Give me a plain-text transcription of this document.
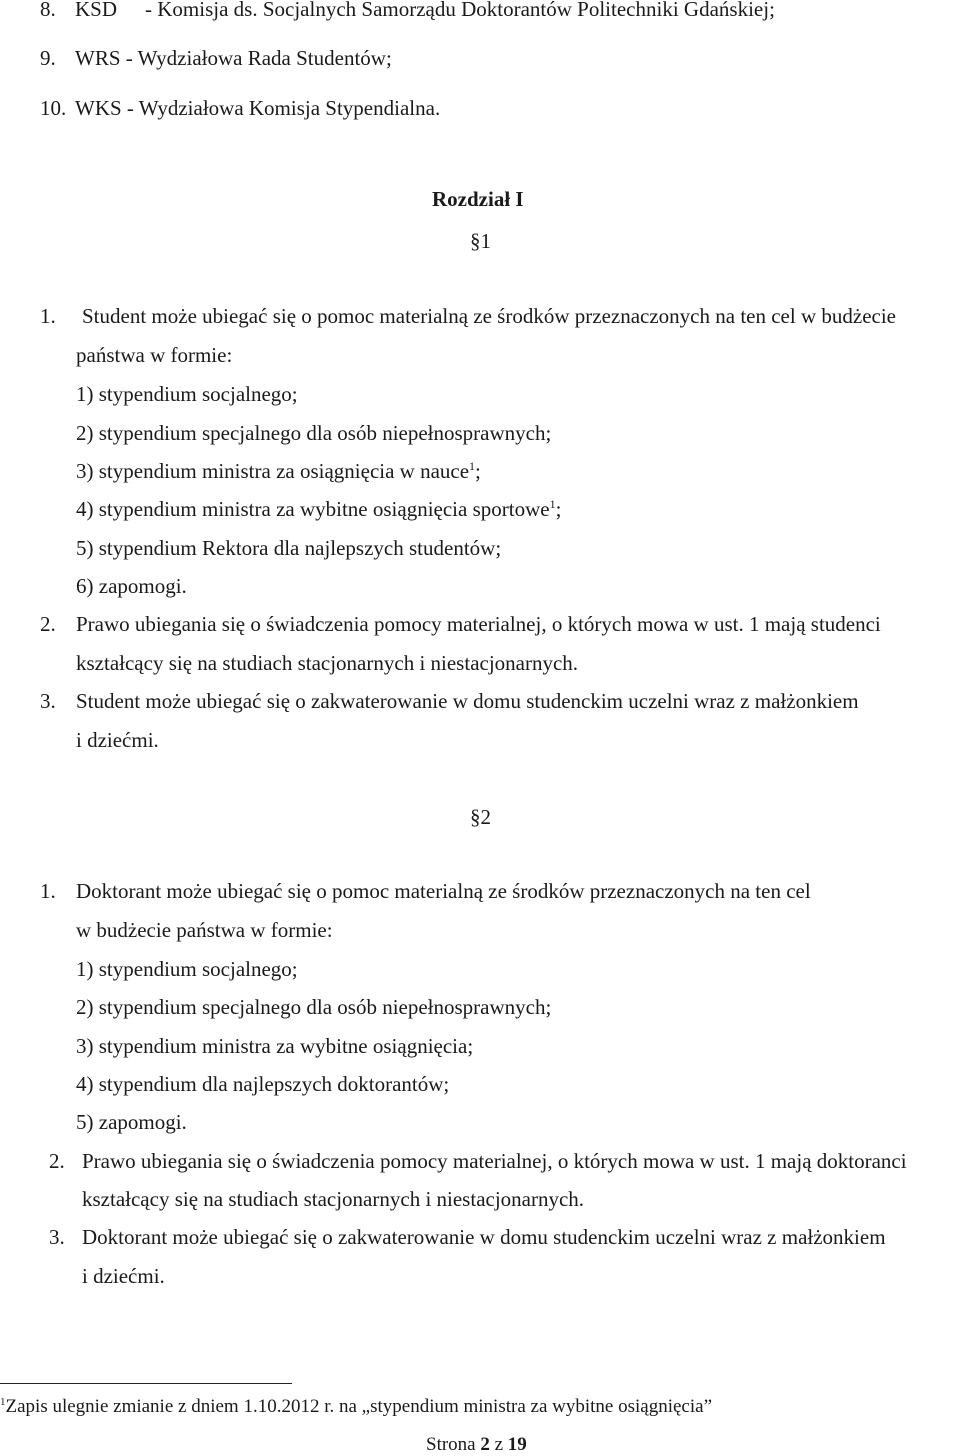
8. KSD - Komisja ds. Socjalnych Samorządu Doktorantów Politechniki Gdańskiej;
9. WRS - Wydziałowa Rada Studentów;
10. WKS - Wydziałowa Komisja Stypendialna.
Rozdział I
§1
1. Student może ubiegać się o pomoc materialną ze środków przeznaczonych na ten cel w budżecie
państwa w formie:
1) stypendium socjalnego;
2) stypendium specjalnego dla osób niepełnosprawnych;
3) stypendium ministra za osiągnięcia w nauce$^1$;
4) stypendium ministra za wybitne osiągnięcia sportowe$^1$;
5) stypendium Rektora dla najlepszych studentów;
6) zapomogi.
2. Prawo ubiegania się o świadczenia pomocy materialnej, o których mowa w ust. 1 mają studenci
kształcący się na studiach stacjonarnych i niestacjonarnych.
3. Student może ubiegać się o zakwaterowanie w domu studenckim uczelni wraz z małżonkiem
i dziećmi.
§2
1. Doktorant może ubiegać się o pomoc materialną ze środków przeznaczonych na ten cel
w budżecie państwa w formie:
1) stypendium socjalnego;
2) stypendium specjalnego dla osób niepełnosprawnych;
3) stypendium ministra za wybitne osiągnięcia;
4) stypendium dla najlepszych doktorantów;
5) zapomogi.
2. Prawo ubiegania się o świadczenia pomocy materialnej, o których mowa w ust. 1 mają doktoranci
kształcący się na studiach stacjonarnych i niestacjonarnych.
3. Doktorant może ubiegać się o zakwaterowanie w domu studenckim uczelni wraz z małżonkiem
i dziećmi.
$^1$Zapis ulegnie zmianie z dniem 1.10.2012 r. na „stypendium ministra za wybitne osiągnięcia”
Strona 2 z 19
